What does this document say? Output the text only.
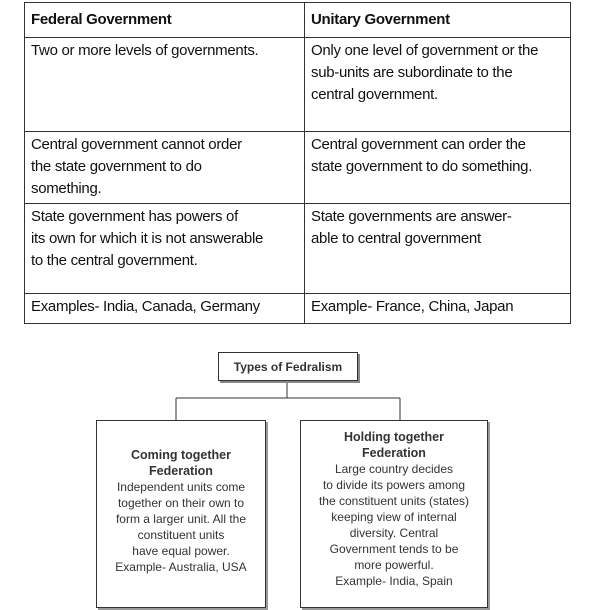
Federal Government	Unitary Government
Two or more levels of governments.	Only one level of government or the
sub-units are subordinate to the
central government.
Central government cannot order
the state government to do
something.	Central government can order the
state government to do something.
State government has powers of
its own for which it is not answerable
to the central government.	State governments are answer-
able to central government
Examples- India, Canada, Germany	Example- France, China, Japan
Types of Fedralism
Coming together
Federation
Independent units come
together on their own to
form a larger unit. All the
constituent units
have equal power.
Example- Australia, USA
Holding together
Federation
Large country decides
to divide its powers among
the constituent units (states)
keeping view of internal
diversity. Central
Government tends to be
more powerful.
Example- India, Spain
